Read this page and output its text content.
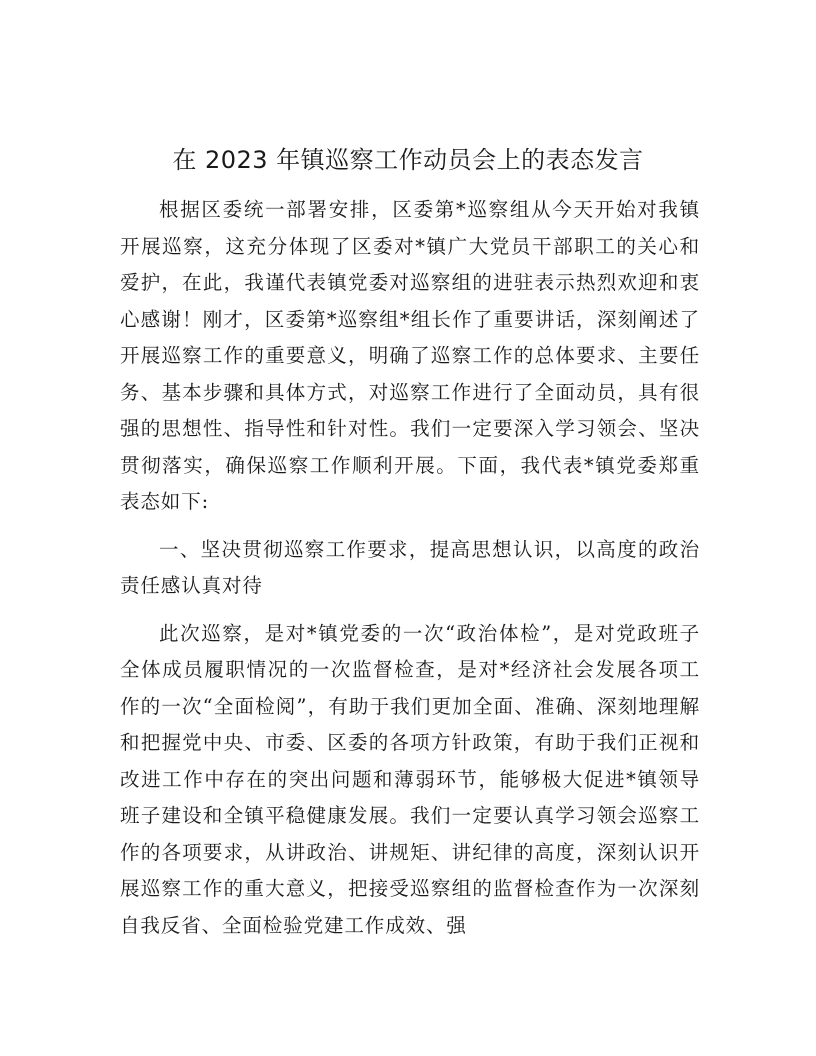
在 2023 年镇巡察工作动员会上的表态发言

根据区委统一部署安排，区委第*巡察组从今天开始对我镇开展巡察，这充分体现了区委对*镇广大党员干部职工的关心和爱护，在此，我谨代表镇党委对巡察组的进驻表示热烈欢迎和衷心感谢！刚才，区委第*巡察组*组长作了重要讲话，深刻阐述了开展巡察工作的重要意义，明确了巡察工作的总体要求、主要任务、基本步骤和具体方式，对巡察工作进行了全面动员，具有很强的思想性、指导性和针对性。我们一定要深入学习领会、坚决贯彻落实，确保巡察工作顺利开展。下面，我代表*镇党委郑重表态如下:

一、坚决贯彻巡察工作要求，提高思想认识，以高度的政治责任感认真对待

此次巡察，是对*镇党委的一次“政治体检”，是对党政班子全体成员履职情况的一次监督检查，是对*经济社会发展各项工作的一次“全面检阅”，有助于我们更加全面、准确、深刻地理解和把握党中央、市委、区委的各项方针政策，有助于我们正视和改进工作中存在的突出问题和薄弱环节，能够极大促进*镇领导班子建设和全镇平稳健康发展。我们一定要认真学习领会巡察工作的各项要求，从讲政治、讲规矩、讲纪律的高度，深刻认识开展巡察工作的重大意义，把接受巡察组的监督检查作为一次深刻自我反省、全面检验党建工作成效、强
